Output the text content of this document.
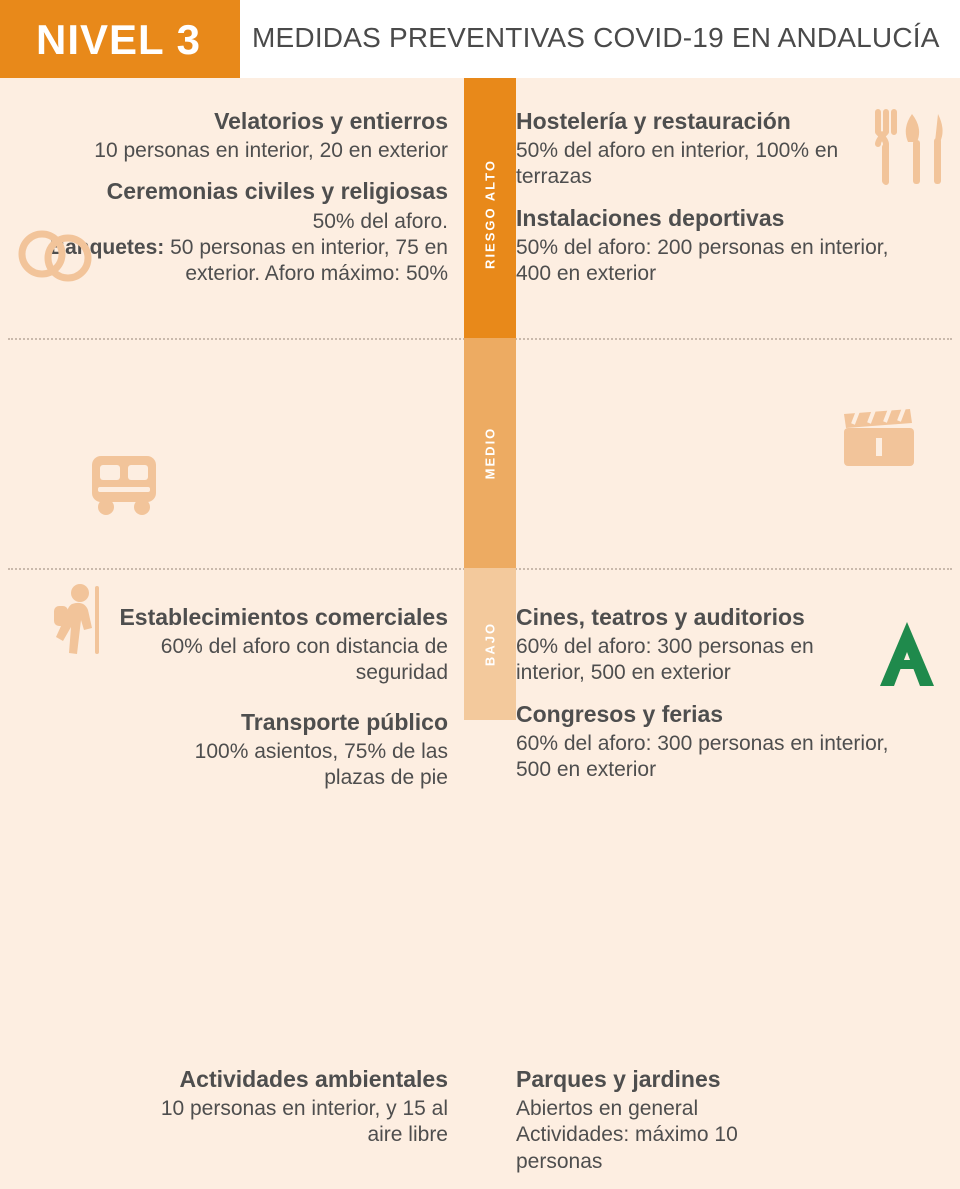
NIVEL 3 MEDIDAS PREVENTIVAS COVID-19 EN ANDALUCÍA
RIESGO ALTO
MEDIO
BAJO

Velatorios y entierros

10 personas en interior, 20 en exterior

Ceremonias civiles y religiosas

50% del aforo.

Banquetes: 50 personas en interior, 75 en exterior. Aforo máximo: 50%

Hostelería y restauración

50% del aforo en interior, 100% en terrazas

Instalaciones deportivas

50% del aforo: 200 personas en interior, 400 en exterior

Establecimientos comerciales

60% del aforo con distancia de seguridad

Transporte público

100% asientos, 75% de las plazas de pie

Cines, teatros y auditorios

60% del aforo: 300 personas en interior, 500 en exterior

Congresos y ferias

60% del aforo: 300 personas en interior, 500 en exterior

Actividades ambientales

10 personas en interior, y 15 al aire libre

Parques y jardines

Abiertos en general Actividades: máximo 10 personas
